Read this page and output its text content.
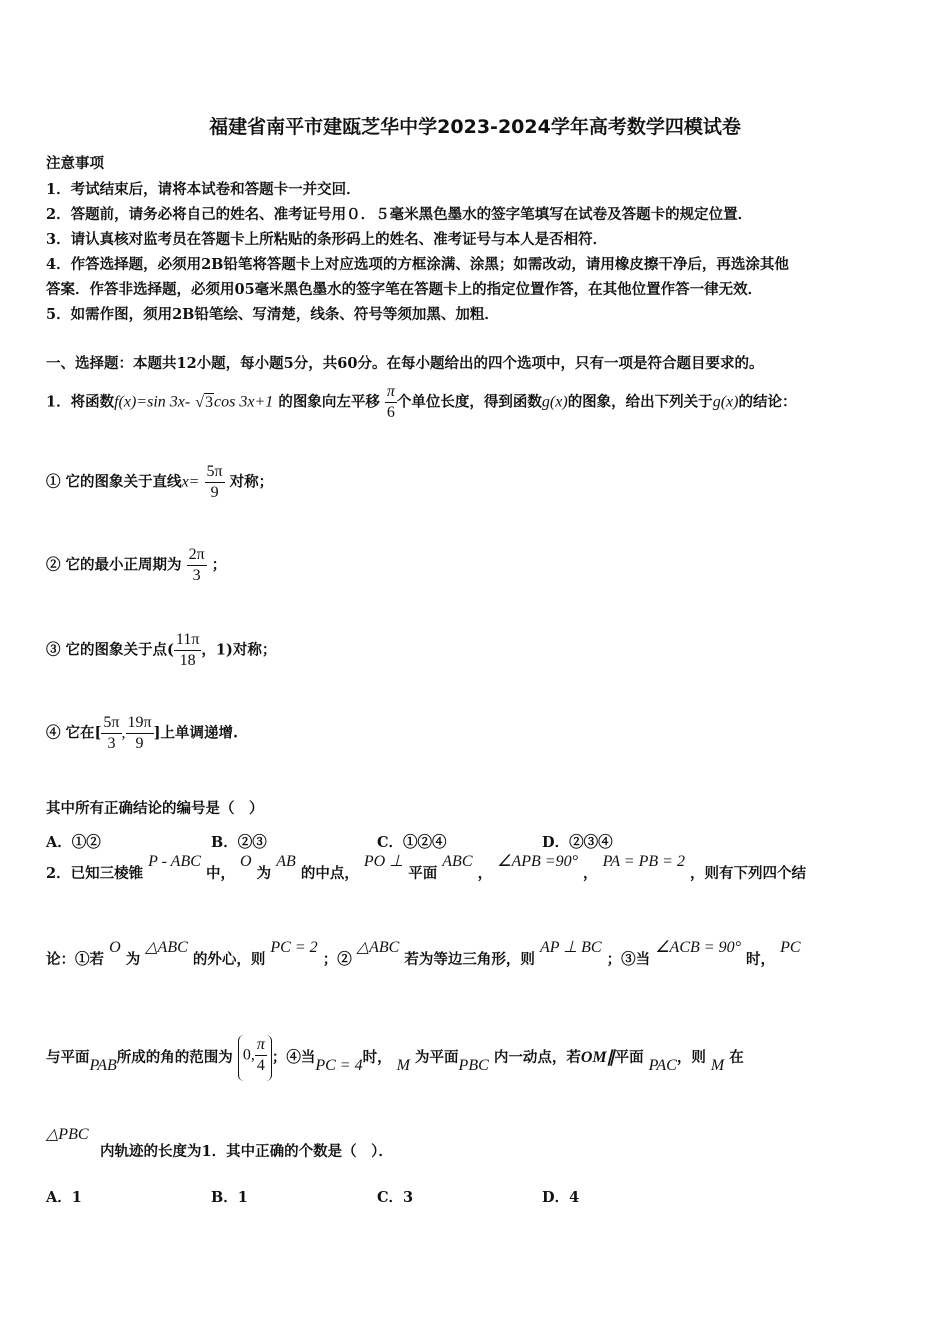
福建省南平市建瓯芝华中学2023-2024学年高考数学四模试卷
注意事项
1．考试结束后，请将本试卷和答题卡一并交回．
2．答题前，请务必将自己的姓名、准考证号用０．５毫米黑色墨水的签字笔填写在试卷及答题卡的规定位置．
3．请认真核对监考员在答题卡上所粘贴的条形码上的姓名、准考证号与本人是否相符．
4．作答选择题，必须用2B铅笔将答题卡上对应选项的方框涂满、涂黑；如需改动，请用橡皮擦干净后，再选涂其他
答案．作答非选择题，必须用05毫米黑色墨水的签字笔在答题卡上的指定位置作答，在其他位置作答一律无效．
5．如需作图，须用2B铅笔绘、写清楚，线条、符号等须加黑、加粗．
一、选择题：本题共12小题，每小题5分，共60分。在每小题给出的四个选项中，只有一项是符合题目要求的。
1．将函数f(x)=sin 3x- √3cos 3x+1 的图象向左平移 $\frac{\pi}{6}$ 个单位长度，得到函数g(x)的图象，给出下列关于g(x)的结论：
① 它的图象关于直线$x= \frac{5\pi}{9}$ 对称；
② 它的最小正周期为 $\frac{2\pi}{3}$ ；
③ 它的图象关于点( $\frac{11\pi}{18}$ ，1)对称；
④ 它在[ $\frac{5\pi}{3}$ , $\frac{19\pi}{9}$ ]上单调递增.
其中所有正确结论的编号是（　）
A．①②	B．②③	C．①②④	D．②③④
2．已知三棱锥 P - ABC 中， O 为 AB 的中点， PO ⊥ 平面 ABC ， ∠APB =90° ， PA = PB = 2 ，则有下列四个结
论：①若 O 为 △ABC 的外心，则 PC = 2 ；② △ABC 若为等边三角形，则 AP ⊥ BC ；③当 ∠ACB = 90° 时， PC
与平面PAB所成的角的范围为 0, $\frac{\pi}{4}$ ；④当PC = 4时， M 为平面PBC 内一动点，若OM∥平面 PAC，则 M 在
△PBC
内轨迹的长度为1．其中正确的个数是（　）．
A．1	B．1	C．3	D．4
